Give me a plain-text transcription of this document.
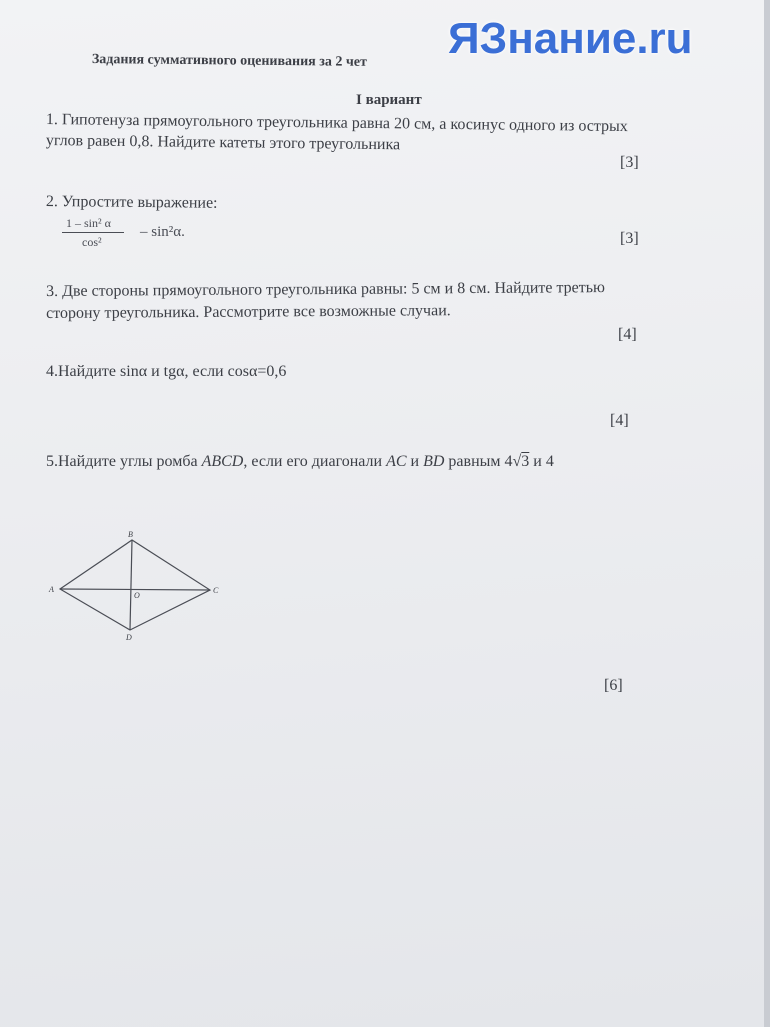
Задания суммативного оценивания за 2 чет ЯЗнание.ru
I вариант
1. Гипотенуза прямоугольного треугольника равна 20 см, а косинус одного из острых
углов равен 0,8. Найдите катеты этого треугольника
[3]
2. Упростите выражение:
1 – sin² α
cos²
– sin²α.	[3]
3. Две стороны прямоугольного треугольника равны: 5 см и 8 см. Найдите третью
сторону треугольника. Рассмотрите все возможные случаи.
[4]
4.Найдите sinα и tgα, если cosα=0,6
[4]
5.Найдите углы ромба ABCD, если его диагонали AC и BD равным 4√3 и 4
A
B
C
D
O
[6]
